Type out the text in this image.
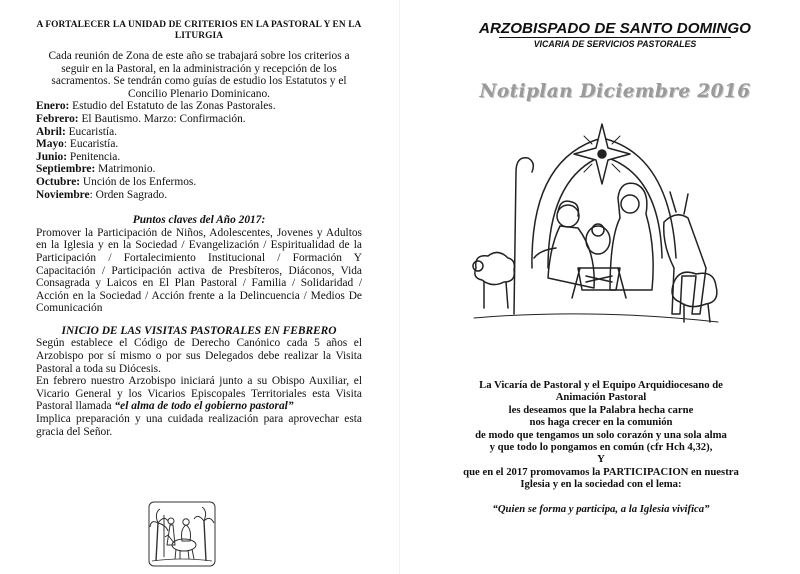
A FORTALECER LA UNIDAD DE CRITERIOS EN LA PASTORAL Y EN LA LITURGIA

Cada reunión de Zona de este año se trabajará sobre los criterios a seguir en la Pastoral, en la administración y recepción de los sacramentos. Se tendrán como guías de estudio los Estatutos y el Concilio Plenario Dominicano.

Enero: Estudio del Estatuto de las Zonas Pastorales.
Febrero: El Bautismo. Marzo: Confirmación.
Abril: Eucaristía.
Mayo: Eucaristía.
Junio: Penitencia.
Septiembre: Matrimonio.
Octubre: Unción de los Enfermos.
Noviembre: Orden Sagrado.

Puntos claves del Año 2017:

Promover la Participación de Niños, Adolescentes, Jovenes y Adultos en la Iglesia y en la Sociedad / Evangelización / Espiritualidad de la Participación / Fortalecimiento Institucional / Formación Y Capacitación / Participación activa de Presbíteros, Diáconos, Vida Consagrada y Laicos en El Plan Pastoral / Familia / Solidaridad / Acción en la Sociedad / Acción frente a la Delincuencia / Medios De Comunicación

INICIO DE LAS VISITAS PASTORALES EN FEBRERO

Según establece el Código de Derecho Canónico cada 5 años el Arzobispo por sí mismo o por sus Delegados debe realizar la Visita Pastoral a toda su Diócesis.

En febrero nuestro Arzobispo iniciará junto a su Obispo Auxiliar, el Vicario General y los Vicarios Episcopales Territoriales esta Visita Pastoral llamada “el alma de todo el gobierno pastoral”

Implica preparación y una cuidada realización para aprovechar esta gracia del Señor.

ARZOBISPADO DE SANTO DOMINGO

VICARIA DE SERVICIOS PASTORALES

Notiplan Diciembre 2016

La Vicaría de Pastoral y el Equipo Arquidiocesano de

Animación Pastoral

les deseamos que la Palabra hecha carne

nos haga crecer en la comunión

de modo que tengamos un solo corazón y una sola alma

y que todo lo pongamos en común (cfr Hch 4,32),

Y

que en el 2017 promovamos la PARTICIPACION en nuestra

Iglesia y en la sociedad con el lema:

“Quien se forma y participa, a la Iglesia vivifica”
